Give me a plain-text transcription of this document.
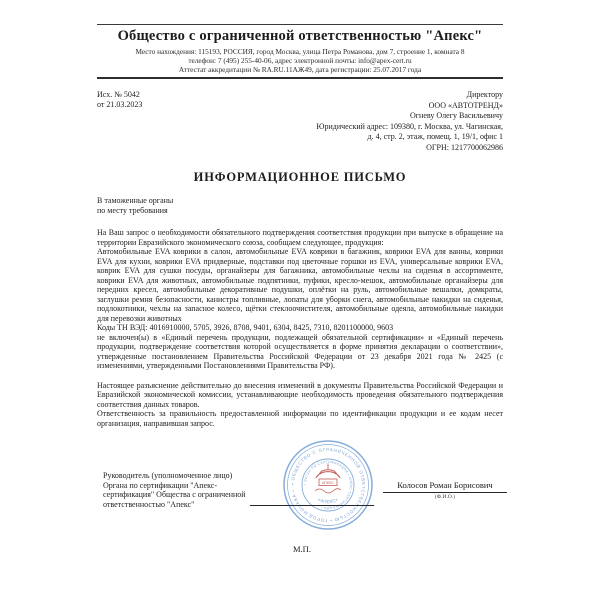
Общество с ограниченной ответственностью "Апекс"
Место нахождения: 115193, РОССИЯ, город Москва, улица Петра Романова, дом 7, строение 1, комната 8
телефон: 7 (495) 255-40-06, адрес электронной почты: info@apex-cert.ru
Аттестат аккредитации № RA.RU.11АЖ49, дата регистрации: 25.07.2017 года
Исх. № 5042
от 21.03.2023
Директору
ООО «АВТОТРЕНД»
Огневу Олегу Васильевичу
Юридический адрес: 109380, г. Москва, ул. Чагинская,
д. 4, стр. 2, этаж, помещ. 1, 19/1, офис 1
ОГРН: 1217700062986
ИНФОРМАЦИОННОЕ ПИСЬМО
В таможенные органы
по месту требования

На Ваш запрос о необходимости обязательного подтверждения соответствия продукции при выпуске в обращение на территории Евразийского экономического союза, сообщаем следующее, продукция:

Автомобильные EVA коврики в салон, автомобильные EVA коврики в багажник, коврики EVA для ванны, коврики EVA для кухни, коврики EVA придверные, подставки под цветочные горшки из EVA, универсальные коврики EVA, коврик EVA для сушки посуды, органайзеры для багажника, автомобильные чехлы на сиденья в ассортименте, коврики EVA для животных, автомобильные подпятники, пуфики, кресло-мешок, автомобильные органайзеры для передних кресел, автомобильные декоративные подушки, оплётки на руль, автомобильные вешалки, домкраты, заглушки ремня безопасности, канистры топливные, лопаты для уборки снега, автомобильные накидки на сиденья, подлокотники, чехлы на запасное колесо, щётки стеклоочистителя, автомобильные одеяла, автомобильные накидки для перевозки животных

Коды ТН ВЭД: 4016910000, 5705, 3926, 8708, 9401, 6304, 8425, 7310, 8201100000, 9603

не включен(ы) в «Единый перечень продукции, подлежащей обязательной сертификации» и «Единый перечень продукции, подтверждение соответствия которой осуществляется в форме принятия декларации о соответствии», утвержденные постановлением Правительства Российской Федерации от 23 декабря 2021 года № 2425 (с изменениями, утвержденными Постановлениями Правительства РФ).

Настоящее разъяснение действительно до внесения изменений в документы Правительства Российской Федерации и Евразийской экономической комиссии, устанавливающие необходимость проведения обязательного подтверждения соответствия данных товаров.

Ответственность за правильность предоставленной информации по идентификации продукции и ее кодам несет организация, направившая запрос.

Руководитель (уполномоченное лицо)
Органа по сертификации "Апекс-
сертификация" Общества с ограниченной
ответственностью "Апекс"
• ОБЩЕСТВО С ОГРАНИЧЕННОЙ ОТВЕТСТВЕННОСТЬЮ • ГОРОД МОСКВА •
• ОРГАН ПО СЕРТИФИКАЦИИ • АПЕКС-СЕРТИФИКАЦИЯ •
«АПЕКС»
АПЕКС	Колосов Роман Борисович
(Ф.И.О.)
М.П.
